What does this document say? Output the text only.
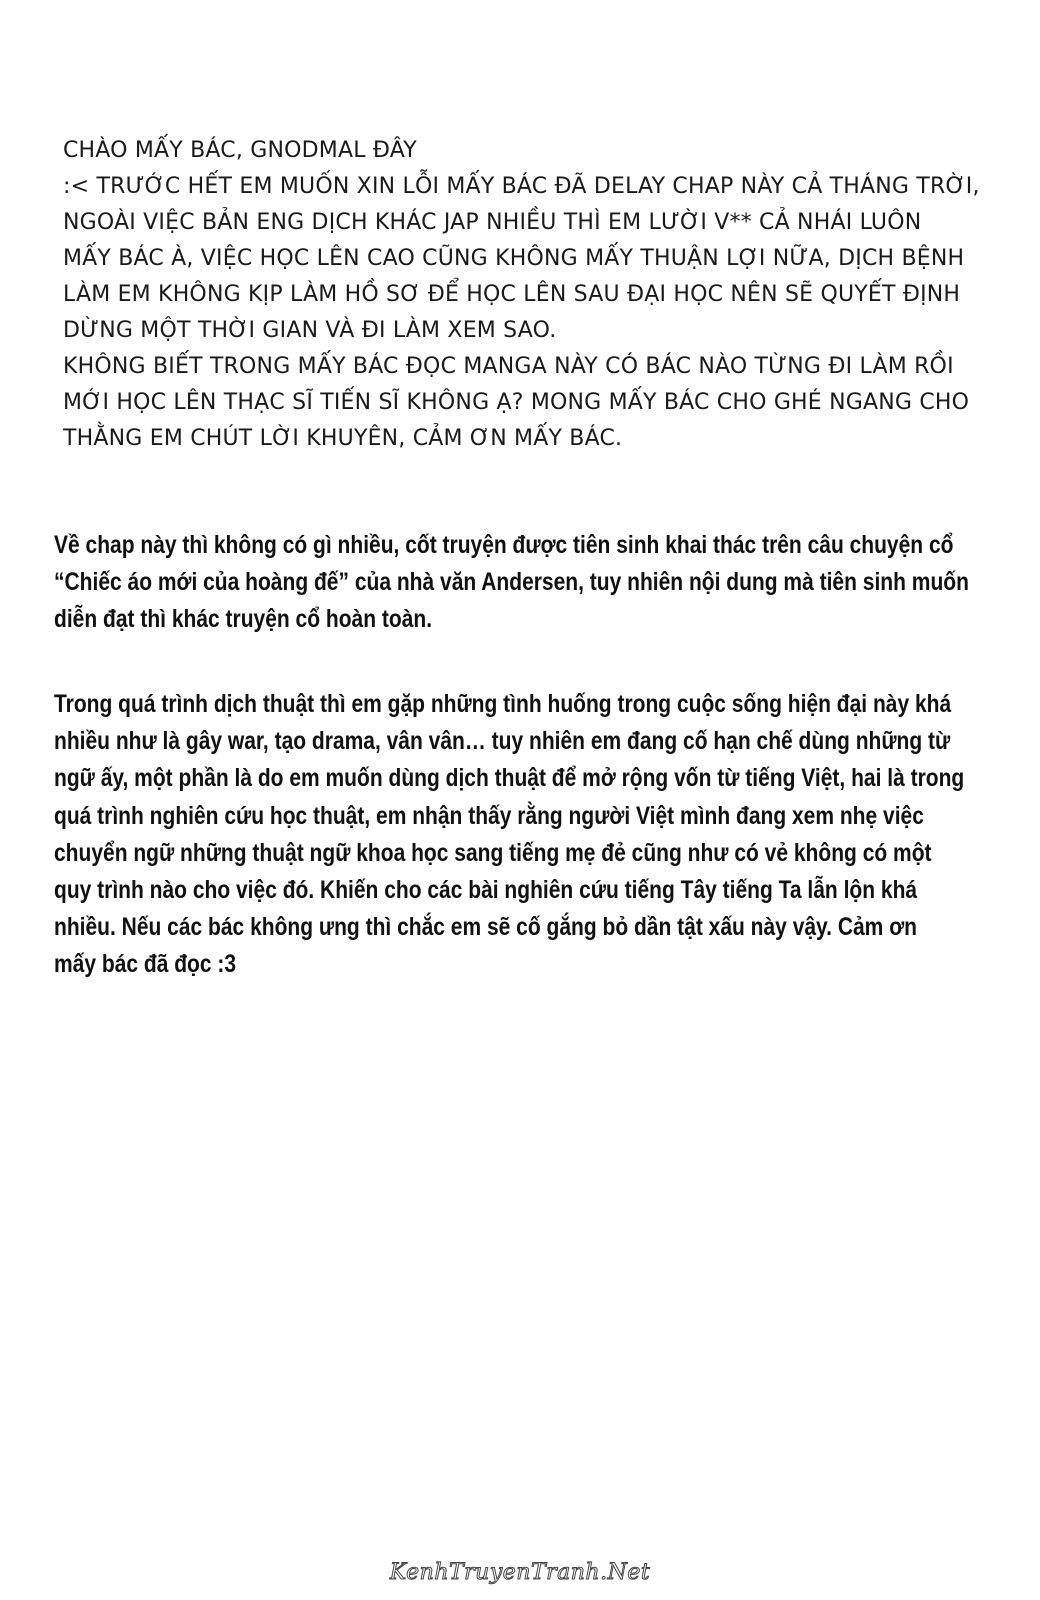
CHÀO MẤY BÁC, GNODMAL ĐÂY
:< TRƯỚC HẾT EM MUỐN XIN LỖI MẤY BÁC ĐÃ DELAY CHAP NÀY CẢ THÁNG TRỜI,
NGOÀI VIỆC BẢN ENG DỊCH KHÁC JAP NHIỀU THÌ EM LƯỜI V** CẢ NHÁI LUÔN
MẤY BÁC À, VIỆC HỌC LÊN CAO CŨNG KHÔNG MẤY THUẬN LỢI NỮA, DỊCH BỆNH
LÀM EM KHÔNG KỊP LÀM HỒ SƠ ĐỂ HỌC LÊN SAU ĐẠI HỌC NÊN SẼ QUYẾT ĐỊNH
DỪNG MỘT THỜI GIAN VÀ ĐI LÀM XEM SAO.
KHÔNG BIẾT TRONG MẤY BÁC ĐỌC MANGA NÀY CÓ BÁC NÀO TỪNG ĐI LÀM RỒI
MỚI HỌC LÊN THẠC SĨ TIẾN SĨ KHÔNG Ạ? MONG MẤY BÁC CHO GHÉ NGANG CHO
THẰNG EM CHÚT LỜI KHUYÊN, CẢM ƠN MẤY BÁC.
Về chap này thì không có gì nhiều, cốt truyện được tiên sinh khai thác trên câu chuyện cổ
“Chiếc áo mới của hoàng đế” của nhà văn Andersen, tuy nhiên nội dung mà tiên sinh muốn
diễn đạt thì khác truyện cổ hoàn toàn.
Trong quá trình dịch thuật thì em gặp những tình huống trong cuộc sống hiện đại này khá
nhiều như là gây war, tạo drama, vân vân… tuy nhiên em đang cố hạn chế dùng những từ
ngữ ấy, một phần là do em muốn dùng dịch thuật để mở rộng vốn từ tiếng Việt, hai là trong
quá trình nghiên cứu học thuật, em nhận thấy rằng người Việt mình đang xem nhẹ việc
chuyển ngữ những thuật ngữ khoa học sang tiếng mẹ đẻ cũng như có vẻ không có một
quy trình nào cho việc đó. Khiến cho các bài nghiên cứu tiếng Tây tiếng Ta lẫn lộn khá
nhiều. Nếu các bác không ưng thì chắc em sẽ cố gắng bỏ dần tật xấu này vậy. Cảm ơn
mấy bác đã đọc :3
KenhTruyenTranh.Net
